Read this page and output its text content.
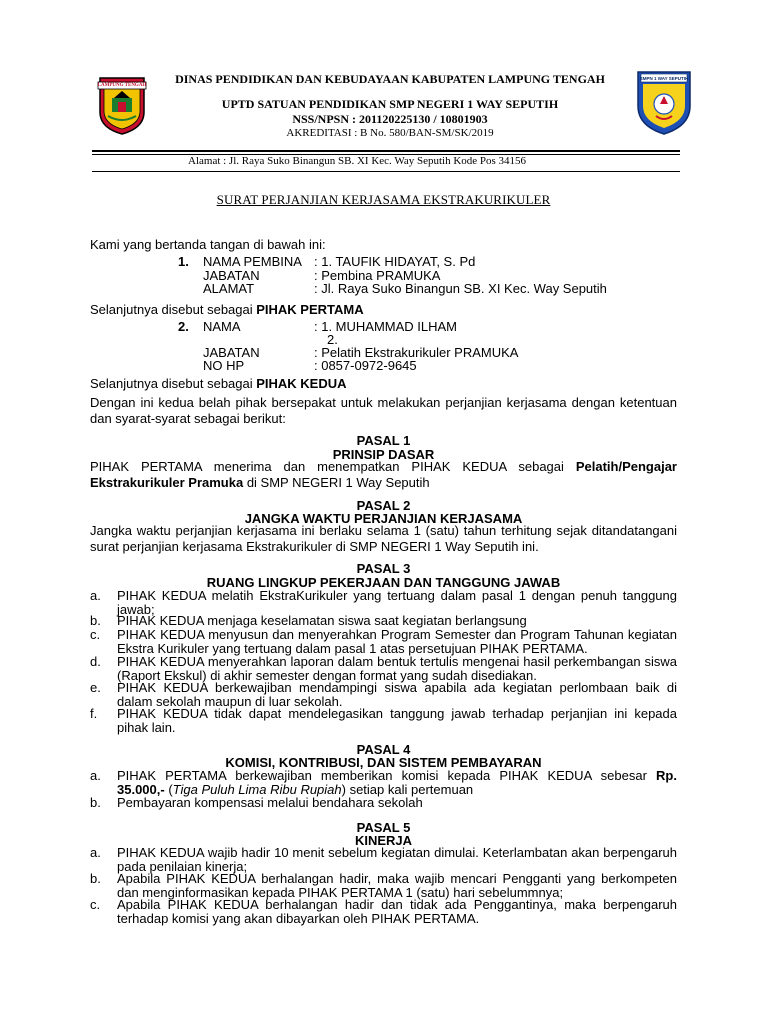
LAMPUNG TENGAH	DINAS PENDIDIKAN DAN KEBUDAYAAN KABUPATEN LAMPUNG TENGAH
UPTD SATUAN PENDIDIKAN SMP NEGERI 1 WAY SEPUTIH
NSS/NPSN : 201120225130 / 10801903
AKREDITASI : B No. 580/BAN-SM/SK/2019
SMPN 1 WAY SEPUTIH
Alamat : Jl. Raya Suko Binangun SB. XI Kec. Way Seputih Kode Pos 34156
SURAT PERJANJIAN KERJASAMA EKSTRAKURIKULER
Kami yang bertanda tangan di bawah ini:
1. NAMA PEMBINA : 1. TAUFIK HIDAYAT, S. Pd
JABATAN	: Pembina PRAMUKA
ALAMAT	: Jl. Raya Suko Binangun SB. XI Kec. Way Seputih
Selanjutnya disebut sebagai PIHAK PERTAMA
2. NAMA	: 1. MUHAMMAD ILHAM
2.
JABATAN	: Pelatih Ekstrakurikuler PRAMUKA
NO HP	: 0857-0972-9645
Selanjutnya disebut sebagai PIHAK KEDUA
Dengan ini kedua belah pihak bersepakat untuk melakukan perjanjian kerjasama dengan ketentuan dan syarat-syarat sebagai berikut:
PASAL 1
PRINSIP DASAR
PIHAK PERTAMA menerima dan menempatkan PIHAK KEDUA sebagai Pelatih/Pengajar Ekstrakurikuler Pramuka di SMP NEGERI 1 Way Seputih
PASAL 2
JANGKA WAKTU PERJANJIAN KERJASAMA
Jangka waktu perjanjian kerjasama ini berlaku selama 1 (satu) tahun terhitung sejak ditandatangani surat perjanjian kerjasama Ekstrakurikuler di SMP NEGERI 1 Way Seputih ini.
PASAL 3
RUANG LINGKUP PEKERJAAN DAN TANGGUNG JAWAB
a.	PIHAK KEDUA melatih EkstraKurikuler yang tertuang dalam pasal 1 dengan penuh tanggung jawab;
b.	PIHAK KEDUA menjaga keselamatan siswa saat kegiatan berlangsung
c.	PIHAK KEDUA menyusun dan menyerahkan Program Semester dan Program Tahunan kegiatan Ekstra Kurikuler yang tertuang dalam pasal 1 atas persetujuan PIHAK PERTAMA.
d.	PIHAK KEDUA menyerahkan laporan dalam bentuk tertulis mengenai hasil perkembangan siswa (Raport Ekskul) di akhir semester dengan format yang sudah disediakan.
e.	PIHAK KEDUA berkewajiban mendampingi siswa apabila ada kegiatan perlombaan baik di dalam sekolah maupun di luar sekolah.
f.	PIHAK KEDUA tidak dapat mendelegasikan tanggung jawab terhadap perjanjian ini kepada pihak lain.
PASAL 4
KOMISI, KONTRIBUSI, DAN SISTEM PEMBAYARAN
a.	PIHAK PERTAMA berkewajiban memberikan komisi kepada PIHAK KEDUA sebesar Rp. 35.000,- (Tiga Puluh Lima Ribu Rupiah) setiap kali pertemuan
b.	Pembayaran kompensasi melalui bendahara sekolah
PASAL 5
KINERJA
a.	PIHAK KEDUA wajib hadir 10 menit sebelum kegiatan dimulai. Keterlambatan akan berpengaruh pada penilaian kinerja;
b.	Apabila PIHAK KEDUA berhalangan hadir, maka wajib mencari Pengganti yang berkompeten dan menginformasikan kepada PIHAK PERTAMA 1 (satu) hari sebelummnya;
c.	Apabila PIHAK KEDUA berhalangan hadir dan tidak ada Penggantinya, maka berpengaruh terhadap komisi yang akan dibayarkan oleh PIHAK PERTAMA.
